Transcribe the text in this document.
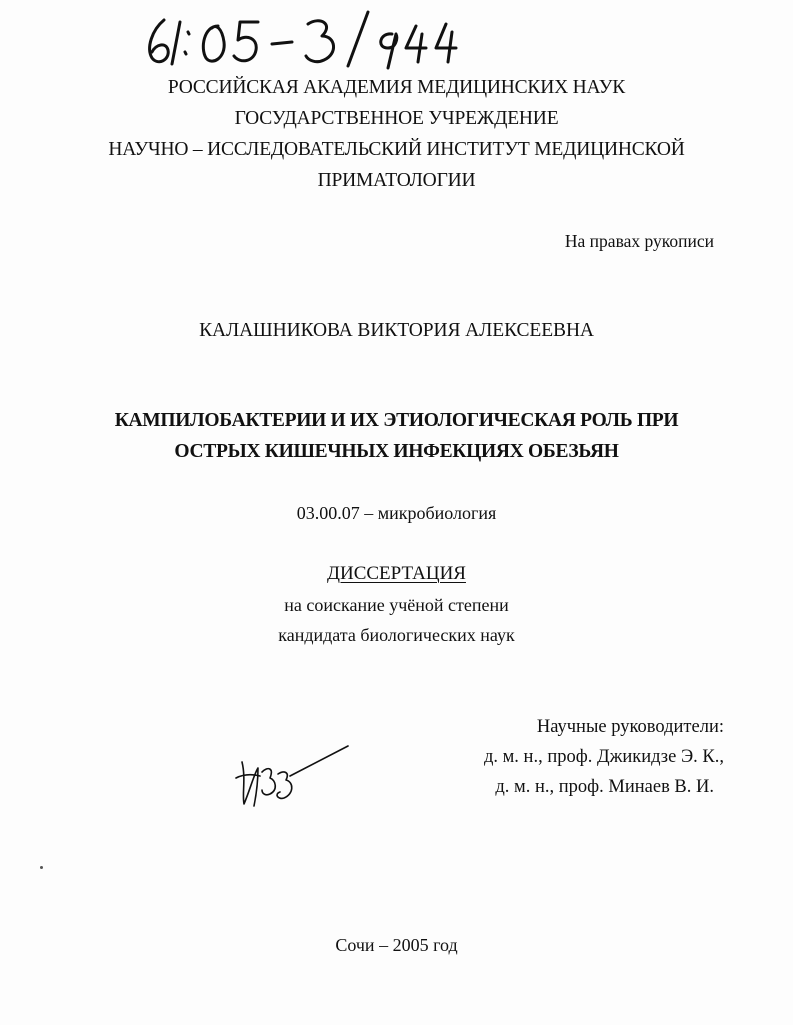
РОССИЙСКАЯ АКАДЕМИЯ МЕДИЦИНСКИХ НАУК
ГОСУДАРСТВЕННОЕ УЧРЕЖДЕНИЕ
НАУЧНО – ИССЛЕДОВАТЕЛЬСКИЙ ИНСТИТУТ МЕДИЦИНСКОЙ
ПРИМАТОЛОГИИ
На правах рукописи
КАЛАШНИКОВА ВИКТОРИЯ АЛЕКСЕЕВНА
КАМПИЛОБАКТЕРИИ И ИХ ЭТИОЛОГИЧЕСКАЯ РОЛЬ ПРИ
ОСТРЫХ КИШЕЧНЫХ ИНФЕКЦИЯХ ОБЕЗЬЯН
03.00.07 – микробиология
ДИССЕРТАЦИЯ
на соискание учёной степени
кандидата биологических наук
Научные руководители:
д. м. н., проф. Джикидзе Э. К.,
д. м. н., проф. Минаев В. И.
Сочи – 2005 год
